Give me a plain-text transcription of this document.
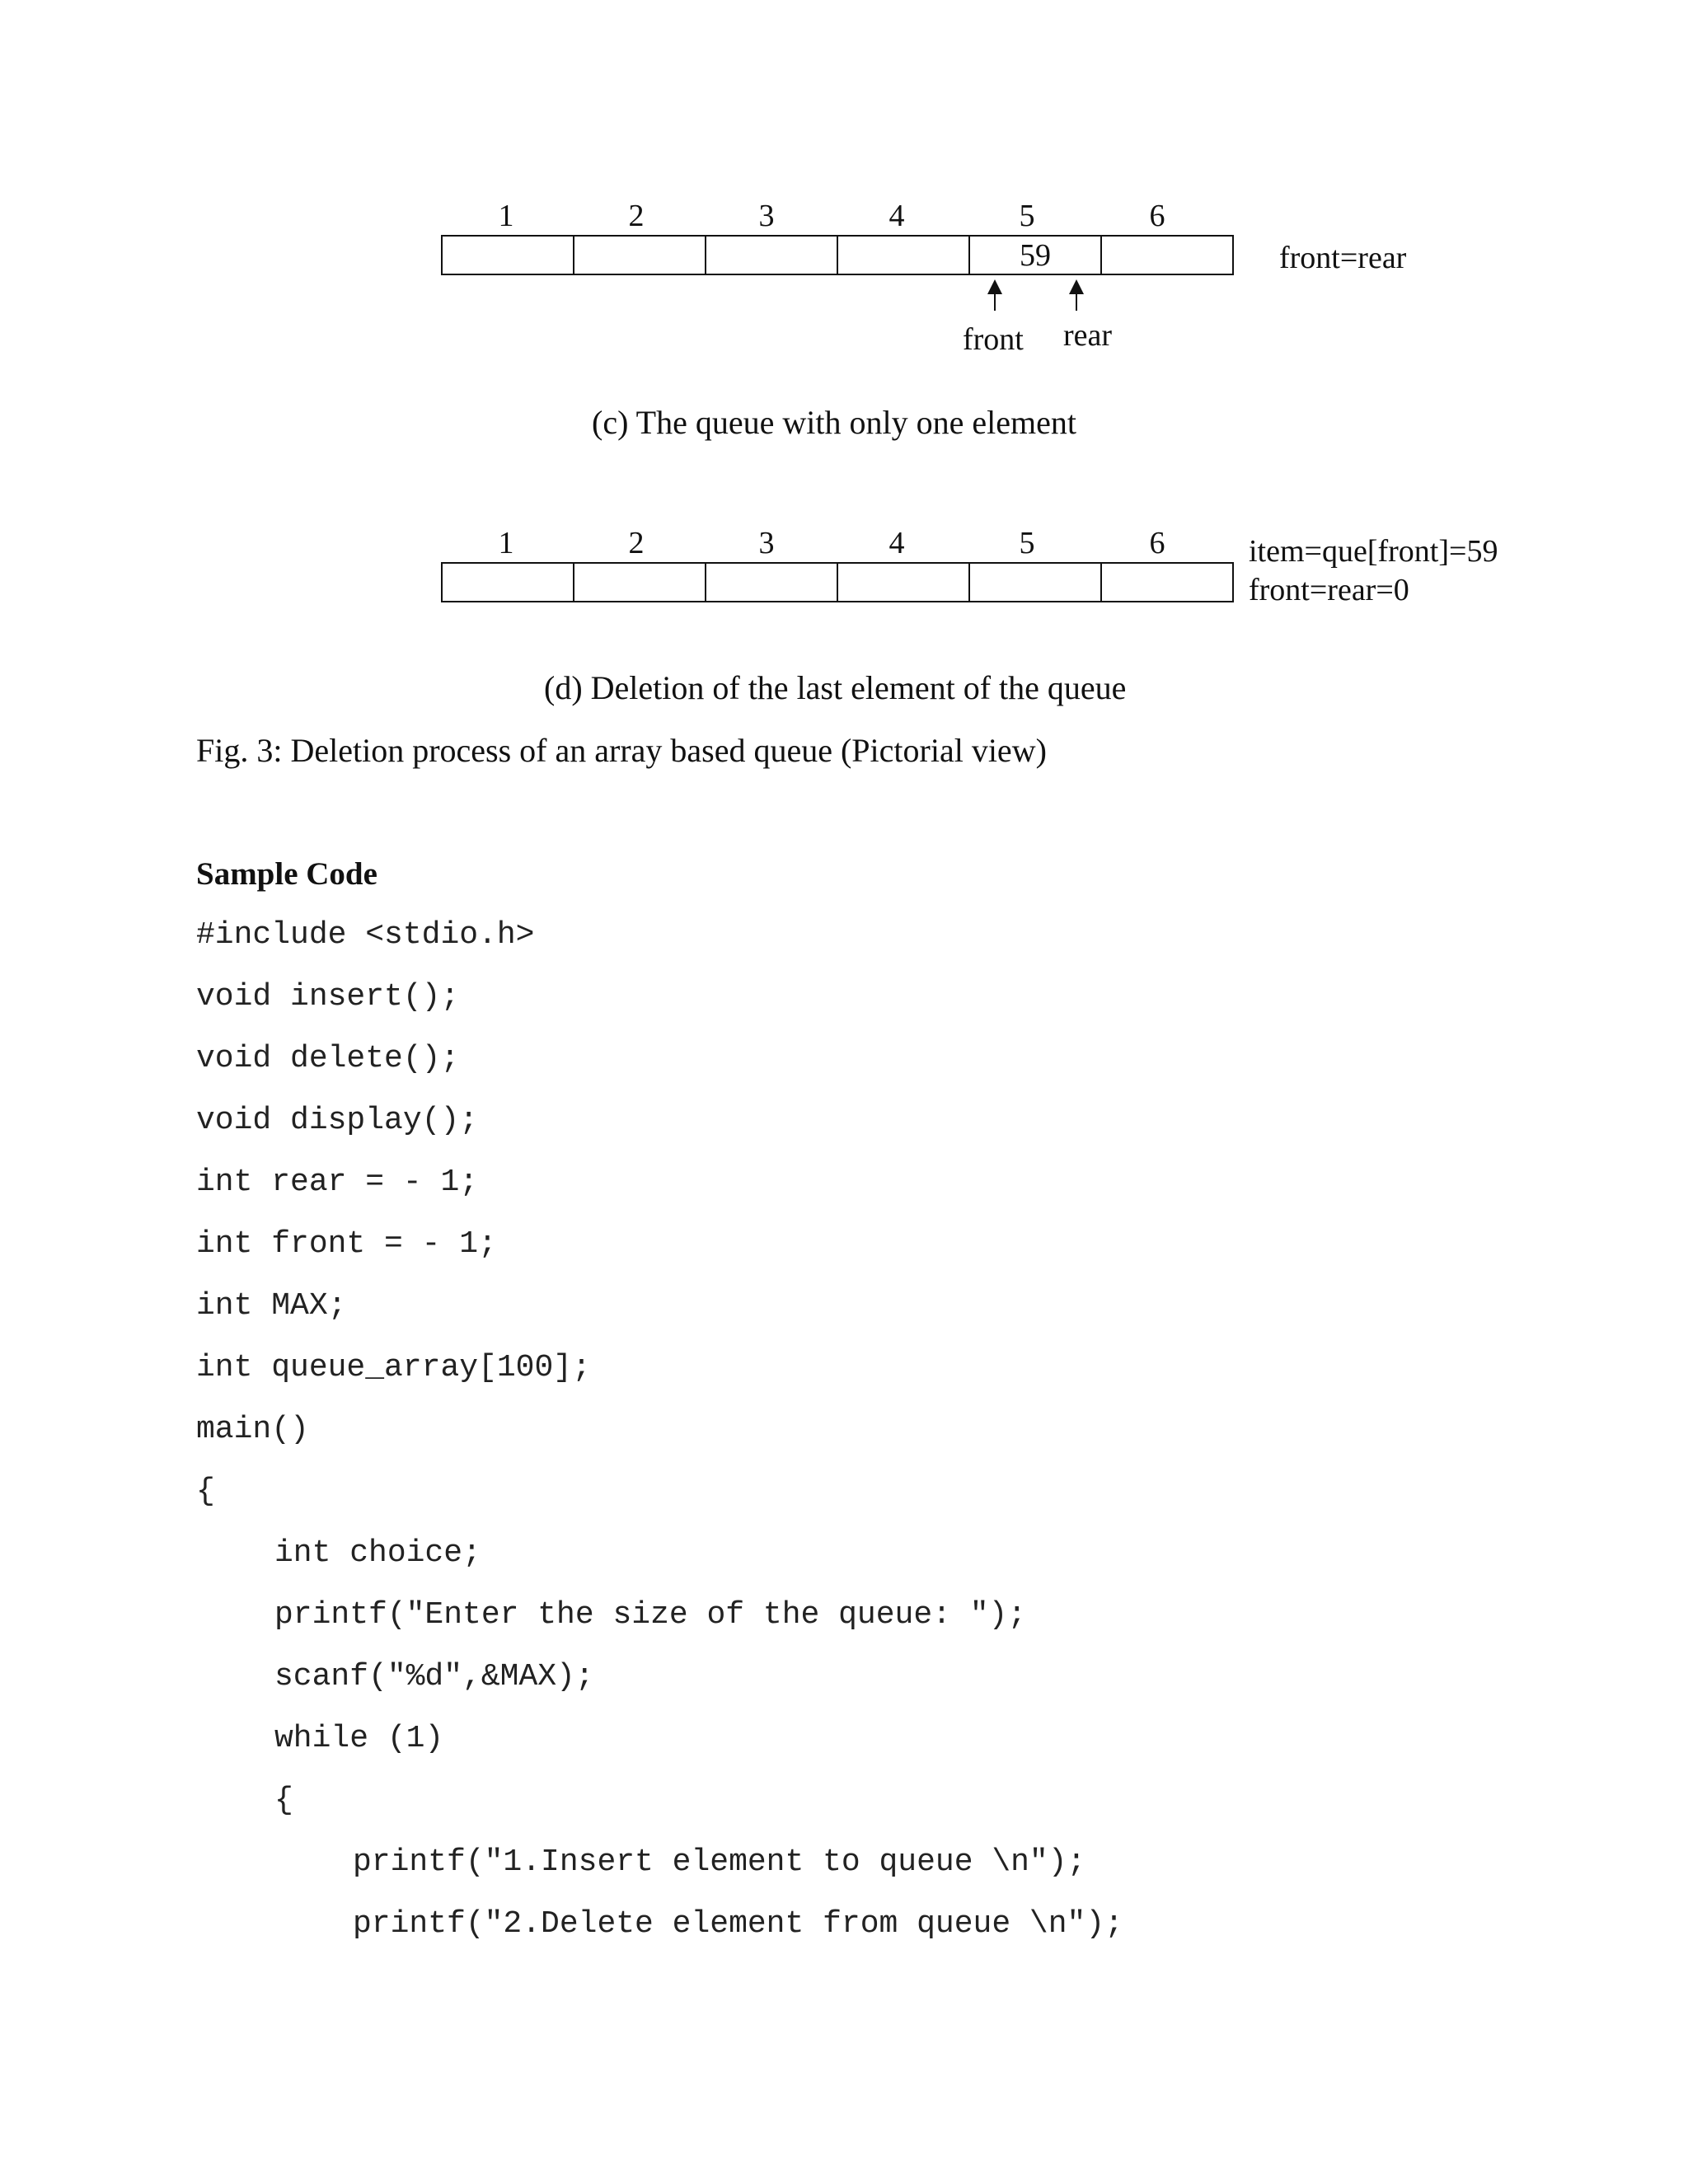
1	2	3	4	5	6
59	front=rear
front rear
(c) The queue with only one element
1	2	3	4	5	6	item=que[front]=59
front=rear=0
(d) Deletion of the last element of the queue
Fig. 3: Deletion process of an array based queue (Pictorial view)
Sample Code
#include <stdio.h>
void insert();
void delete();
void display();
int rear = - 1;
int front = - 1;
int MAX;
int queue_array[100];
main()
{
int choice;
printf("Enter the size of the queue: ");
scanf("%d",&MAX);
while (1)
{
printf("1.Insert element to queue \n");
printf("2.Delete element from queue \n");
